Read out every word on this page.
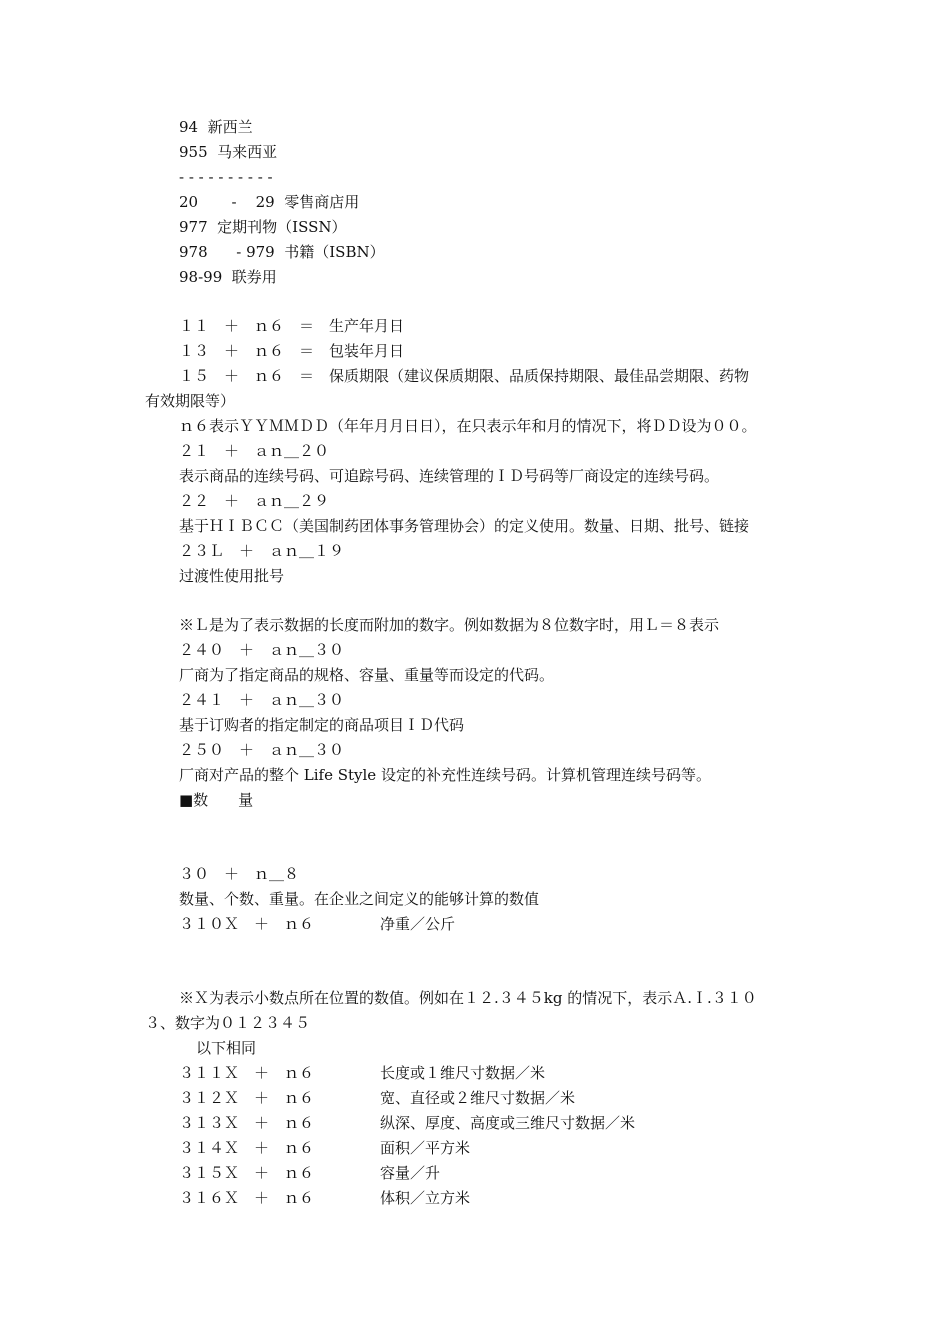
94  新西兰
955  马来西亚
- - - - - - - - - -
20       -    29  零售商店用
977  定期刊物（ISSN）
978      - 979  书籍（ISBN）
98-99  联券用
１１　＋　ｎ６　＝　生产年月日
１３　＋　ｎ６　＝　包装年月日
１５　＋　ｎ６　＝　保质期限（建议保质期限、品质保持期限、最佳品尝期限、药物
有效期限等）
ｎ６表示ＹＹＭＭＤＤ（年年月月日日），在只表示年和月的情况下，将ＤＤ设为００。
２１　＋　ａｎ＿２０
表示商品的连续号码、可追踪号码、连续管理的ＩＤ号码等厂商设定的连续号码。
２２　＋　ａｎ＿２９
基于ＨＩＢＣＣ（美国制药团体事务管理协会）的定义使用。数量、日期、批号、链接
２３Ｌ　＋　ａｎ＿１９
过渡性使用批号
※Ｌ是为了表示数据的长度而附加的数字。例如数据为８位数字时，用Ｌ＝８表示
２４０　＋　ａｎ＿３０
厂商为了指定商品的规格、容量、重量等而设定的代码。
２４１　＋　ａｎ＿３０
基于订购者的指定制定的商品项目ＩＤ代码
２５０　＋　ａｎ＿３０
厂商对产品的整个 Life Style 设定的补充性连续号码。计算机管理连续号码等。
■数　　量
３０　＋　ｎ＿８
数量、个数、重量。在企业之间定义的能够计算的数值
３１０Ｘ　＋　ｎ６	净重／公斤
※Ｘ为表示小数点所在位置的数值。例如在１２.３４５kg 的情况下，表示Ａ.Ｉ.３１０
３、数字为０１２３４５
以下相同
３１１Ｘ　＋　ｎ６	长度或１维尺寸数据／米
３１２Ｘ　＋　ｎ６	宽、直径或２维尺寸数据／米
３１３Ｘ　＋　ｎ６	纵深、厚度、高度或三维尺寸数据／米
３１４Ｘ　＋　ｎ６	面积／平方米
３１５Ｘ　＋　ｎ６	容量／升
３１６Ｘ　＋　ｎ６	体积／立方米
